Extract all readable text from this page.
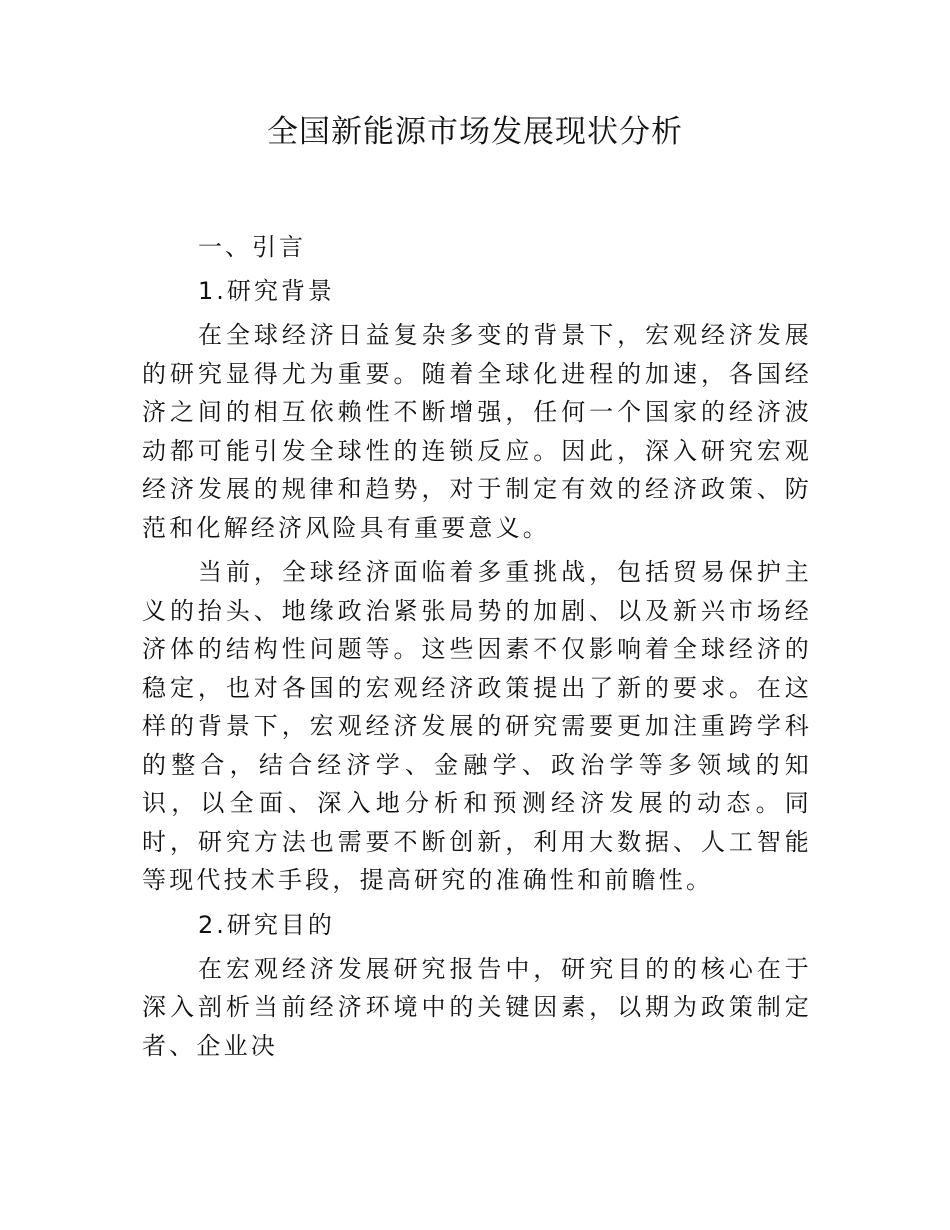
全国新能源市场发展现状分析

一、引言

1.研究背景

在全球经济日益复杂多变的背景下，宏观经济发展的研究显得尤为重要。随着全球化进程的加速，各国经济之间的相互依赖性不断增强，任何一个国家的经济波动都可能引发全球性的连锁反应。因此，深入研究宏观经济发展的规律和趋势，对于制定有效的经济政策、防范和化解经济风险具有重要意义。

当前，全球经济面临着多重挑战，包括贸易保护主义的抬头、地缘政治紧张局势的加剧、以及新兴市场经济体的结构性问题等。这些因素不仅影响着全球经济的稳定，也对各国的宏观经济政策提出了新的要求。在这样的背景下，宏观经济发展的研究需要更加注重跨学科的整合，结合经济学、金融学、政治学等多领域的知识，以全面、深入地分析和预测经济发展的动态。同时，研究方法也需要不断创新，利用大数据、人工智能等现代技术手段，提高研究的准确性和前瞻性。

2.研究目的

在宏观经济发展研究报告中，研究目的的核心在于深入剖析当前经济环境中的关键因素，以期为政策制定者、企业决
